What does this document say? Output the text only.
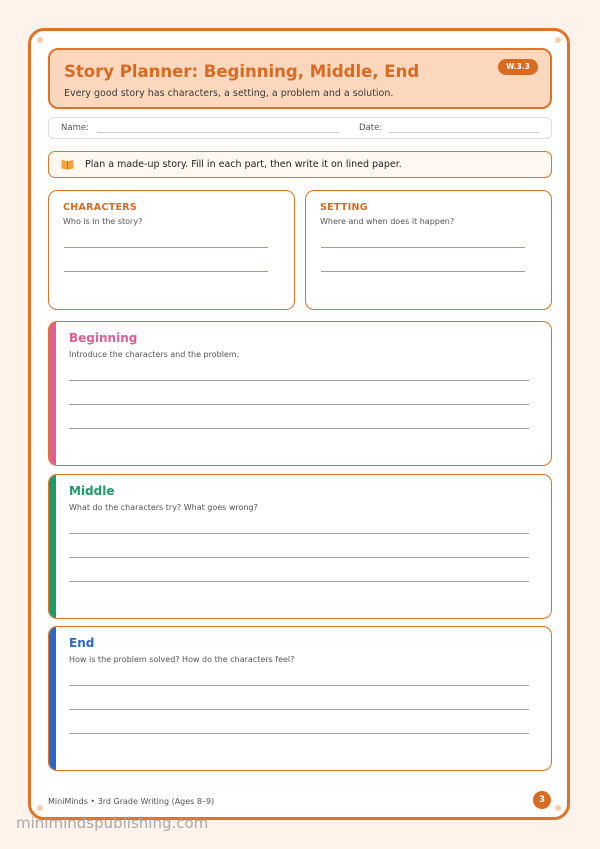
Story Planner: Beginning, Middle, End
Every good story has characters, a setting, a problem and a solution.
W.3.3
Name:	Date:
Plan a made-up story. Fill in each part, then write it on lined paper.
CHARACTERS
Who is in the story?
SETTING
Where and when does it happen?
Beginning
Introduce the characters and the problem.
Middle
What do the characters try? What goes wrong?
End
How is the problem solved? How do the characters feel?
MiniMinds • 3rd Grade Writing (Ages 8–9)	3
minimindspublishing.com
